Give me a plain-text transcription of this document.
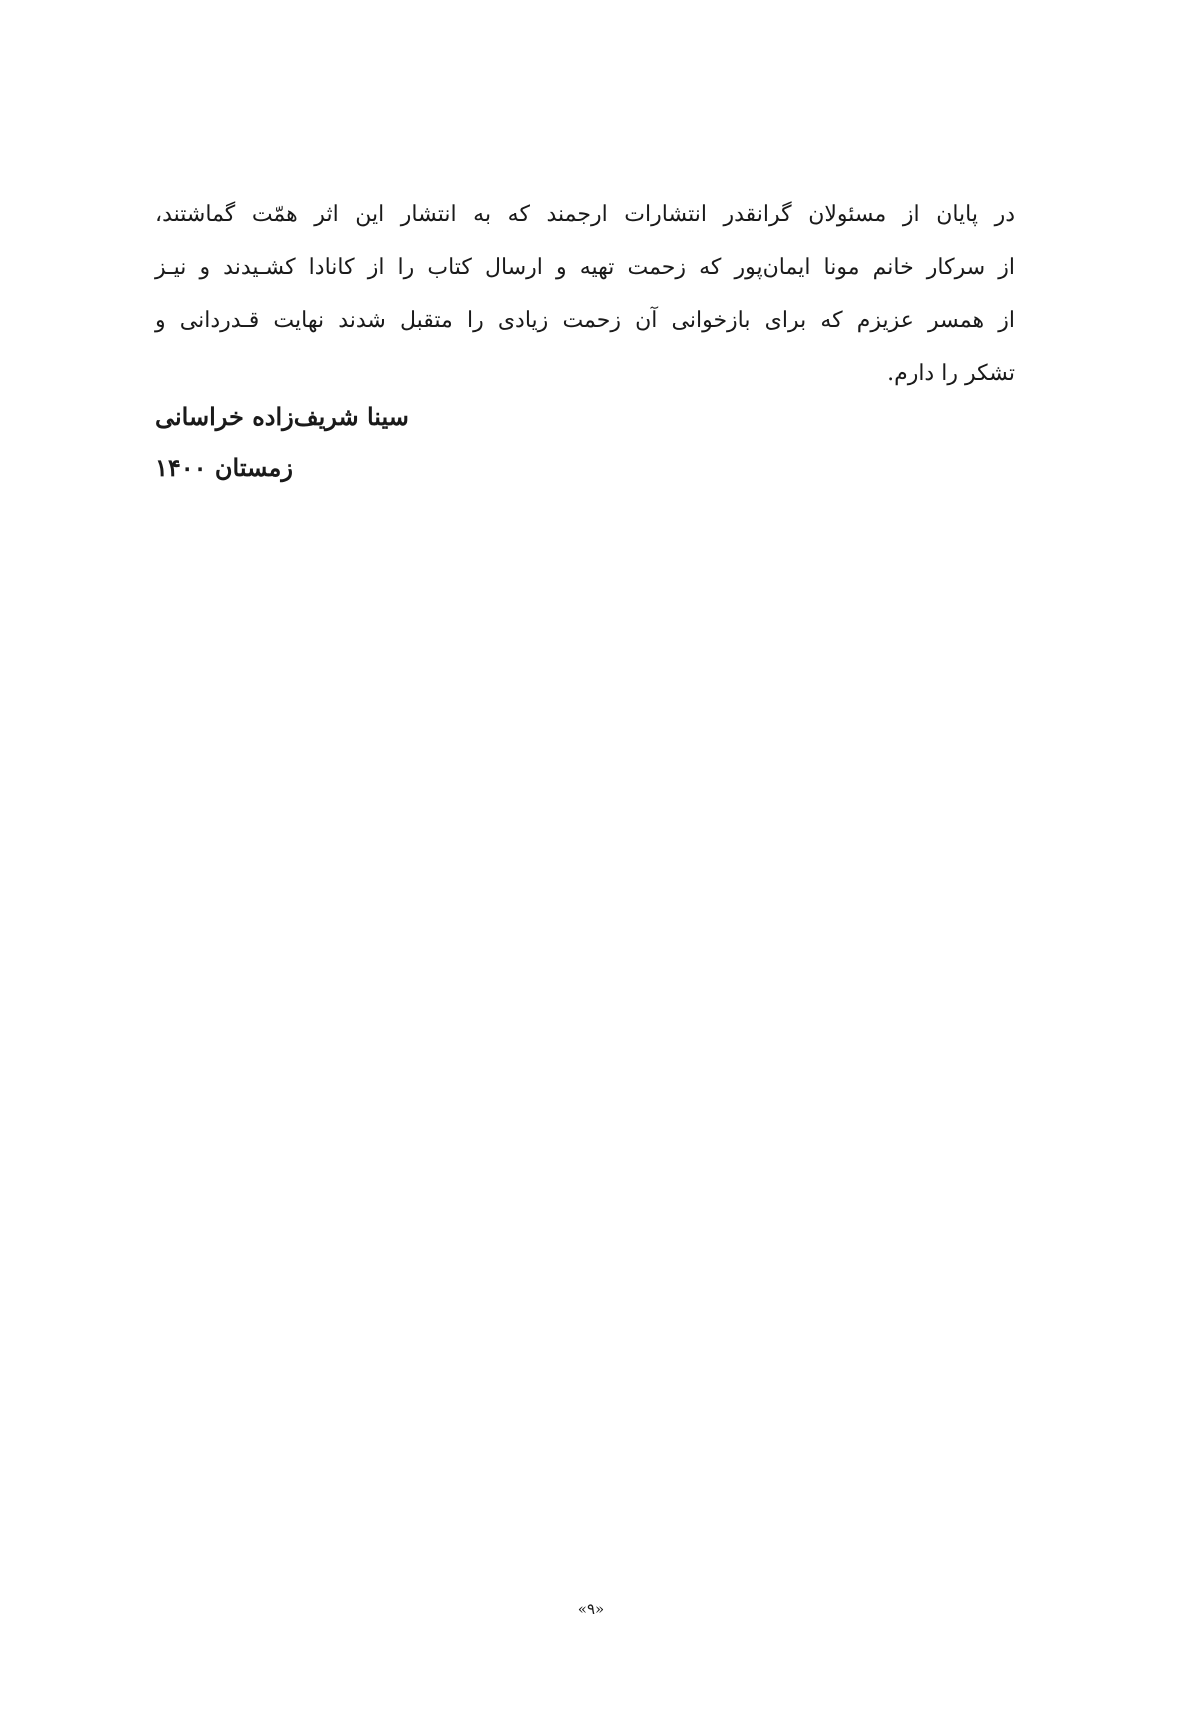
در پایان از مسئولان گرانقدر انتشارات ارجمند که به انتشار این اثر همّت گماشتند،
از سرکار خانم مونا ایمان‌پور که زحمت تهیه و ارسال کتاب را از کانادا کشـیدند و نیـز
از همسر عزیزم که برای بازخوانی آن زحمت زیادی را متقبل شدند نهایت قـدردانی و
تشکر را دارم.

سینا شریف‌زاده خراسانی

زمستان ۱۴۰۰

«۹»
